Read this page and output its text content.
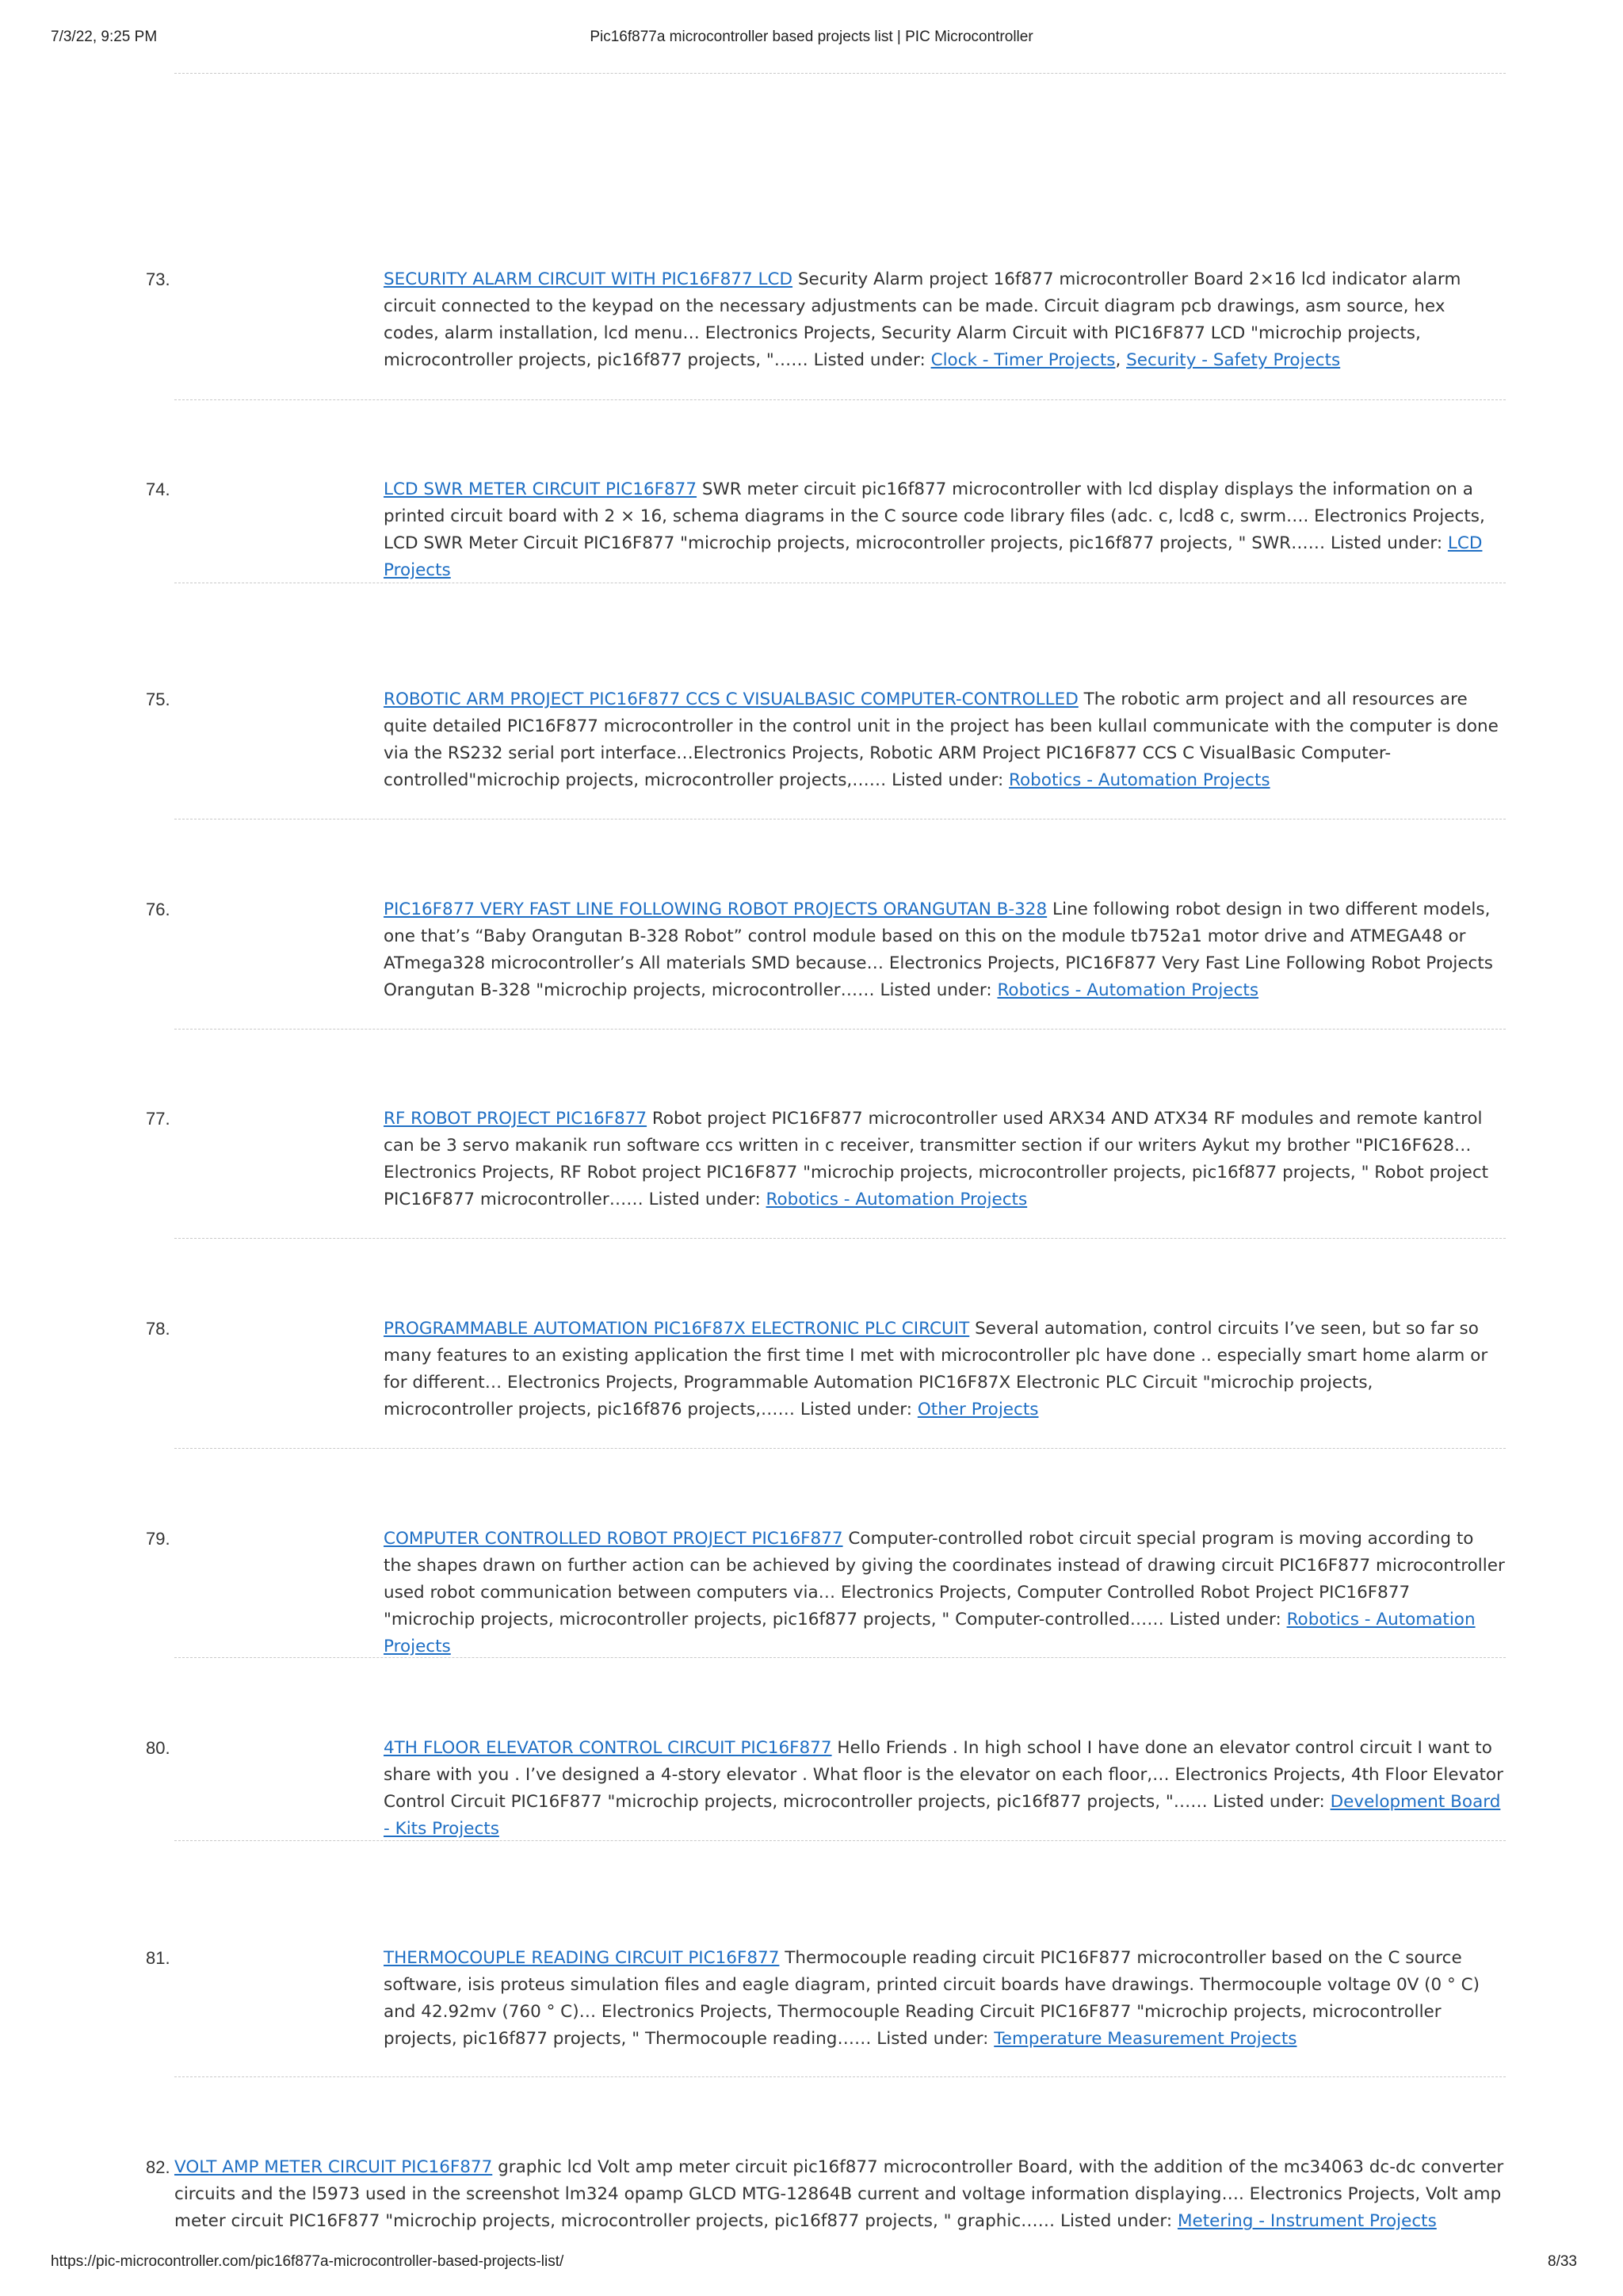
7/3/22, 9:25 PM	Pic16f877a microcontroller based projects list | PIC Microcontroller
73.	SECURITY ALARM CIRCUIT WITH PIC16F877 LCD Security Alarm project 16f877 microcontroller Board 2×16 lcd indicator alarm circuit connected to the keypad on the necessary adjustments can be made. Circuit diagram pcb drawings, asm source, hex codes, alarm installation, lcd menu… Electronics Projects, Security Alarm Circuit with PIC16F877 LCD "microchip projects, microcontroller projects, pic16f877 projects, "…… Listed under: Clock - Timer Projects, Security - Safety Projects
74.	LCD SWR METER CIRCUIT PIC16F877 SWR meter circuit pic16f877 microcontroller with lcd display displays the information on a printed circuit board with 2 × 16, schema diagrams in the C source code library files (adc. c, lcd8 c, swrm…. Electronics Projects, LCD SWR Meter Circuit PIC16F877 "microchip projects, microcontroller projects, pic16f877 projects, " SWR…… Listed under: LCD Projects
75.	ROBOTIC ARM PROJECT PIC16F877 CCS C VISUALBASIC COMPUTER-CONTROLLED The robotic arm project and all resources are quite detailed PIC16F877 microcontroller in the control unit in the project has been kullaıl communicate with the computer is done via the RS232 serial port interface…Electronics Projects, Robotic ARM Project PIC16F877 CCS C VisualBasic Computer-controlled"microchip projects, microcontroller projects,…… Listed under: Robotics - Automation Projects
76.	PIC16F877 VERY FAST LINE FOLLOWING ROBOT PROJECTS ORANGUTAN B-328 Line following robot design in two different models, one that’s “Baby Orangutan B-328 Robot” control module based on this on the module tb752a1 motor drive and ATMEGA48 or ATmega328 microcontroller’s All materials SMD because… Electronics Projects, PIC16F877 Very Fast Line Following Robot Projects Orangutan B-328 "microchip projects, microcontroller…… Listed under: Robotics - Automation Projects
77.	RF ROBOT PROJECT PIC16F877 Robot project PIC16F877 microcontroller used ARX34 AND ATX34 RF modules and remote kantrol can be 3 servo makanik run software ccs written in c receiver, transmitter section if our writers Aykut my brother "PIC16F628… Electronics Projects, RF Robot project PIC16F877 "microchip projects, microcontroller projects, pic16f877 projects, " Robot project PIC16F877 microcontroller…… Listed under: Robotics - Automation Projects
78.	PROGRAMMABLE AUTOMATION PIC16F87X ELECTRONIC PLC CIRCUIT Several automation, control circuits I’ve seen, but so far so many features to an existing application the first time I met with microcontroller plc have done .. especially smart home alarm or for different… Electronics Projects, Programmable Automation PIC16F87X Electronic PLC Circuit "microchip projects, microcontroller projects, pic16f876 projects,…… Listed under: Other Projects
79.	COMPUTER CONTROLLED ROBOT PROJECT PIC16F877 Computer-controlled robot circuit special program is moving according to the shapes drawn on further action can be achieved by giving the coordinates instead of drawing circuit PIC16F877 microcontroller used robot communication between computers via… Electronics Projects, Computer Controlled Robot Project PIC16F877 "microchip projects, microcontroller projects, pic16f877 projects, " Computer-controlled…… Listed under: Robotics - Automation Projects
80.	4TH FLOOR ELEVATOR CONTROL CIRCUIT PIC16F877 Hello Friends . In high school I have done an elevator control circuit I want to share with you . I’ve designed a 4-story elevator . What floor is the elevator on each floor,… Electronics Projects, 4th Floor Elevator Control Circuit PIC16F877 "microchip projects, microcontroller projects, pic16f877 projects, "…… Listed under: Development Board - Kits Projects
81.	THERMOCOUPLE READING CIRCUIT PIC16F877 Thermocouple reading circuit PIC16F877 microcontroller based on the C source software, isis proteus simulation files and eagle diagram, printed circuit boards have drawings. Thermocouple voltage 0V (0 ° C) and 42.92mv (760 ° C)… Electronics Projects, Thermocouple Reading Circuit PIC16F877 "microchip projects, microcontroller projects, pic16f877 projects, " Thermocouple reading…… Listed under: Temperature Measurement Projects
82. VOLT AMP METER CIRCUIT PIC16F877 graphic lcd Volt amp meter circuit pic16f877 microcontroller Board, with the addition of the mc34063 dc-dc converter circuits and the l5973 used in the screenshot lm324 opamp GLCD MTG-12864B current and voltage information displaying…. Electronics Projects, Volt amp meter circuit PIC16F877 "microchip projects, microcontroller projects, pic16f877 projects, " graphic…… Listed under: Metering - Instrument Projects
https://pic-microcontroller.com/pic16f877a-microcontroller-based-projects-list/	8/33
